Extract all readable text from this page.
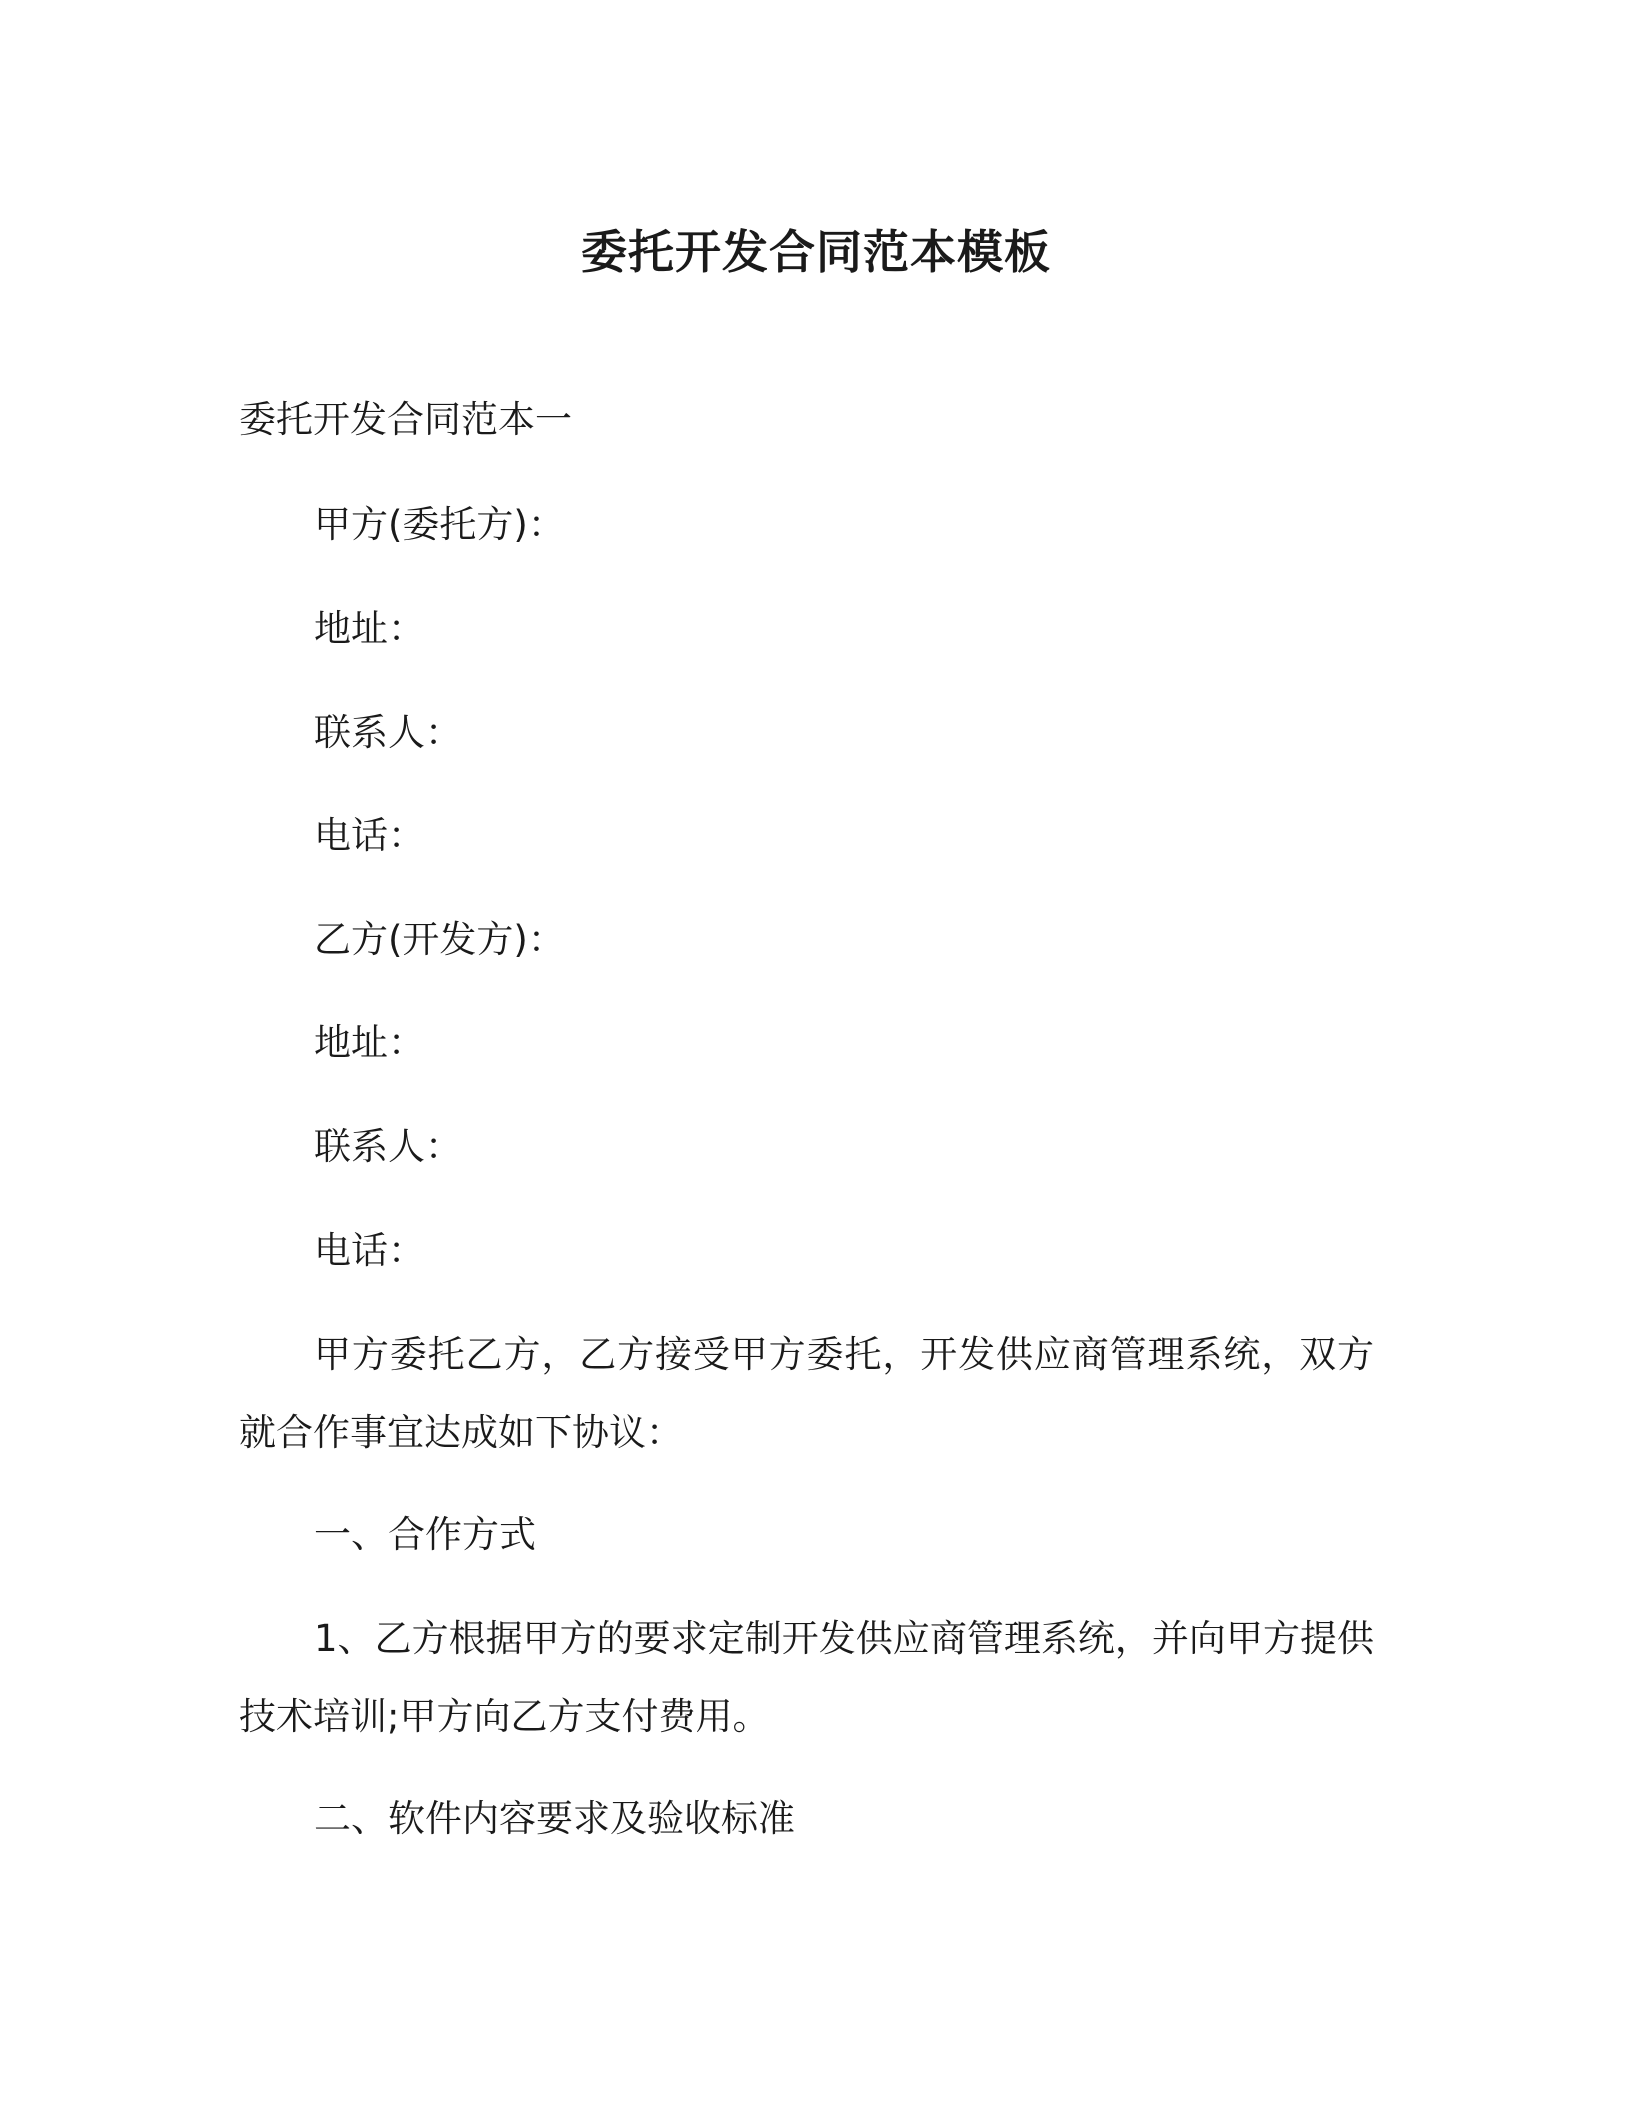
委托开发合同范本模板
委托开发合同范本一
甲方(委托方)：
地址：
联系人：
电话：
乙方(开发方)：
地址：
联系人：
电话：
甲方委托乙方，乙方接受甲方委托，开发供应商管理系统，双方就合作事宜达成如下协议：
一、合作方式
1、乙方根据甲方的要求定制开发供应商管理系统，并向甲方提供技术培训;甲方向乙方支付费用。
二、软件内容要求及验收标准
